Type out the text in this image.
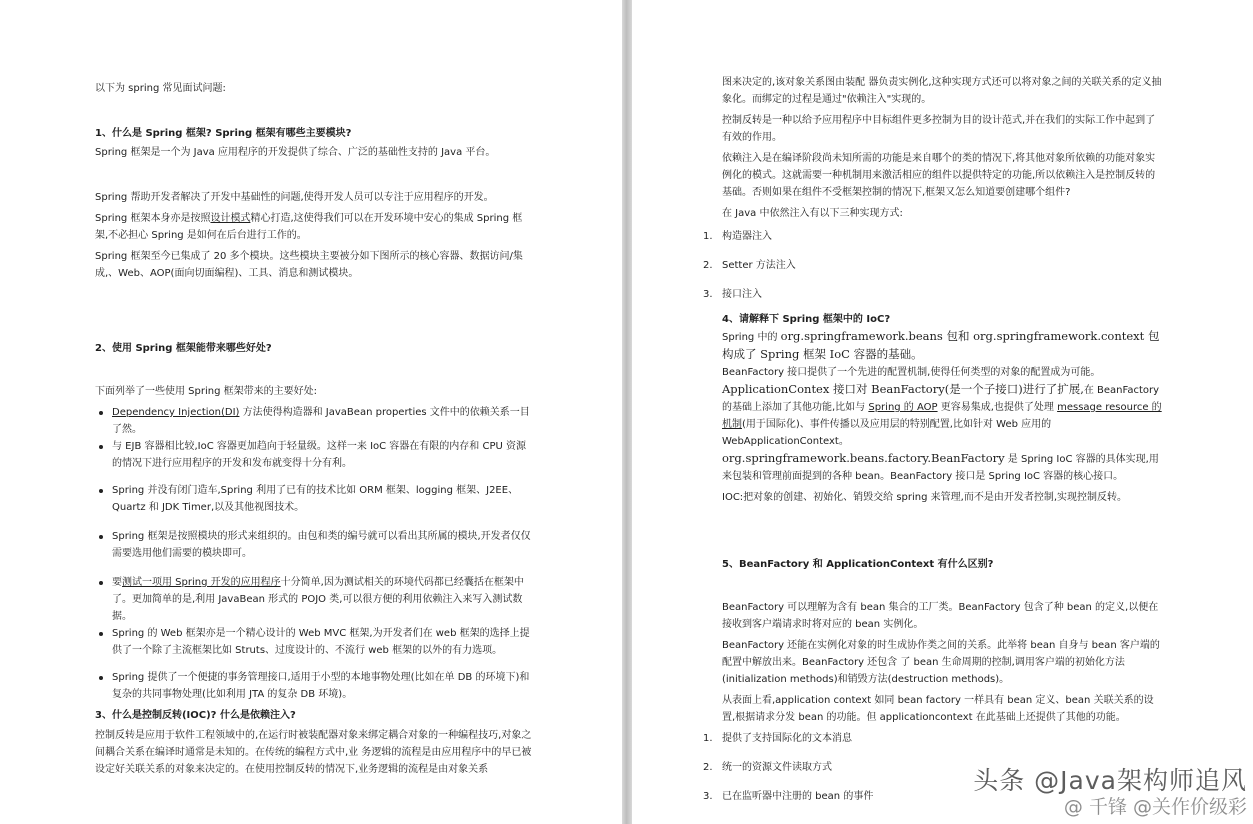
以下为 spring 常见面试问题:

1、什么是 Spring 框架? Spring 框架有哪些主要模块?

Spring 框架是一个为 Java 应用程序的开发提供了综合、广泛的基础性支持的 Java 平台。

Spring 帮助开发者解决了开发中基础性的问题,使得开发人员可以专注于应用程序的开发。

Spring 框架本身亦是按照设计模式精心打造,这使得我们可以在开发环境中安心的集成 Spring 框架,不必担心 Spring 是如何在后台进行工作的。

Spring 框架至今已集成了 20 多个模块。这些模块主要被分如下图所示的核心容器、数据访问/集成,、Web、AOP(面向切面编程)、工具、消息和测试模块。

2、使用 Spring 框架能带来哪些好处?

下面列举了一些使用 Spring 框架带来的主要好处:

Dependency Injection(DI) 方法使得构造器和 JavaBean properties 文件中的依赖关系一目了然。
与 EJB 容器相比较,IoC 容器更加趋向于轻量级。这样一来 IoC 容器在有限的内存和 CPU 资源的情况下进行应用程序的开发和发布就变得十分有利。
Spring 并没有闭门造车,Spring 利用了已有的技术比如 ORM 框架、logging 框架、J2EE、Quartz 和 JDK Timer,以及其他视图技术。
Spring 框架是按照模块的形式来组织的。由包和类的编号就可以看出其所属的模块,开发者仅仅需要选用他们需要的模块即可。
要测试一项用 Spring 开发的应用程序十分简单,因为测试相关的环境代码都已经囊括在框架中了。更加简单的是,利用 JavaBean 形式的 POJO 类,可以很方便的利用依赖注入来写入测试数据。
Spring 的 Web 框架亦是一个精心设计的 Web MVC 框架,为开发者们在 web 框架的选择上提供了一个除了主流框架比如 Struts、过度设计的、不流行 web 框架的以外的有力选项。
Spring 提供了一个便捷的事务管理接口,适用于小型的本地事物处理(比如在单 DB 的环境下)和复杂的共同事物处理(比如利用 JTA 的复杂 DB 环境)。
3、什么是控制反转(IOC)? 什么是依赖注入?

控制反转是应用于软件工程领域中的,在运行时被装配器对象来绑定耦合对象的一种编程技巧,对象之间耦合关系在编译时通常是未知的。在传统的编程方式中,业 务逻辑的流程是由应用程序中的早已被设定好关联关系的对象来决定的。在使用控制反转的情况下,业务逻辑的流程是由对象关系

图来决定的,该对象关系图由装配 器负责实例化,这种实现方式还可以将对象之间的关联关系的定义抽象化。而绑定的过程是通过"依赖注入"实现的。

控制反转是一种以给予应用程序中目标组件更多控制为目的设计范式,并在我们的实际工作中起到了有效的作用。

依赖注入是在编译阶段尚未知所需的功能是来自哪个的类的情况下,将其他对象所依赖的功能对象实例化的模式。这就需要一种机制用来激活相应的组件以提供特定的功能,所以依赖注入是控制反转的基础。否则如果在组件不受框架控制的情况下,框架又怎么知道要创建哪个组件?

在 Java 中依然注入有以下三种实现方式:

1. 构造器注入
2. Setter 方法注入
3. 接口注入
4、请解释下 Spring 框架中的 IoC?

Spring 中的 org.springframework.beans 包和 org.springframework.context 包构成了 Spring 框架 IoC 容器的基础。

BeanFactory 接口提供了一个先进的配置机制,使得任何类型的对象的配置成为可能。

ApplicationContex 接口对 BeanFactory(是一个子接口)进行了扩展,在 BeanFactory 的基础上添加了其他功能,比如与 Spring 的 AOP 更容易集成,也提供了处理 message resource 的机制(用于国际化)、事件传播以及应用层的特别配置,比如针对 Web 应用的 WebApplicationContext。

org.springframework.beans.factory.BeanFactory 是 Spring IoC 容器的具体实现,用来包装和管理前面提到的各种 bean。BeanFactory 接口是 Spring IoC 容器的核心接口。

IOC:把对象的创建、初始化、销毁交给 spring 来管理,而不是由开发者控制,实现控制反转。

5、BeanFactory 和 ApplicationContext 有什么区别?

BeanFactory 可以理解为含有 bean 集合的工厂类。BeanFactory 包含了种 bean 的定义,以便在接收到客户端请求时将对应的 bean 实例化。

BeanFactory 还能在实例化对象的时生成协作类之间的关系。此举将 bean 自身与 bean 客户端的配置中解放出来。BeanFactory 还包含 了 bean 生命周期的控制,调用客户端的初始化方法(initialization methods)和销毁方法(destruction methods)。

从表面上看,application context 如同 bean factory 一样具有 bean 定义、bean 关联关系的设置,根据请求分发 bean 的功能。但 applicationcontext 在此基础上还提供了其他的功能。

1. 提供了支持国际化的文本消息
2. 统一的资源文件读取方式
3. 已在监听器中注册的 bean 的事件
头条 @Java架构师追风
@ 千锋 @关作价级彩
